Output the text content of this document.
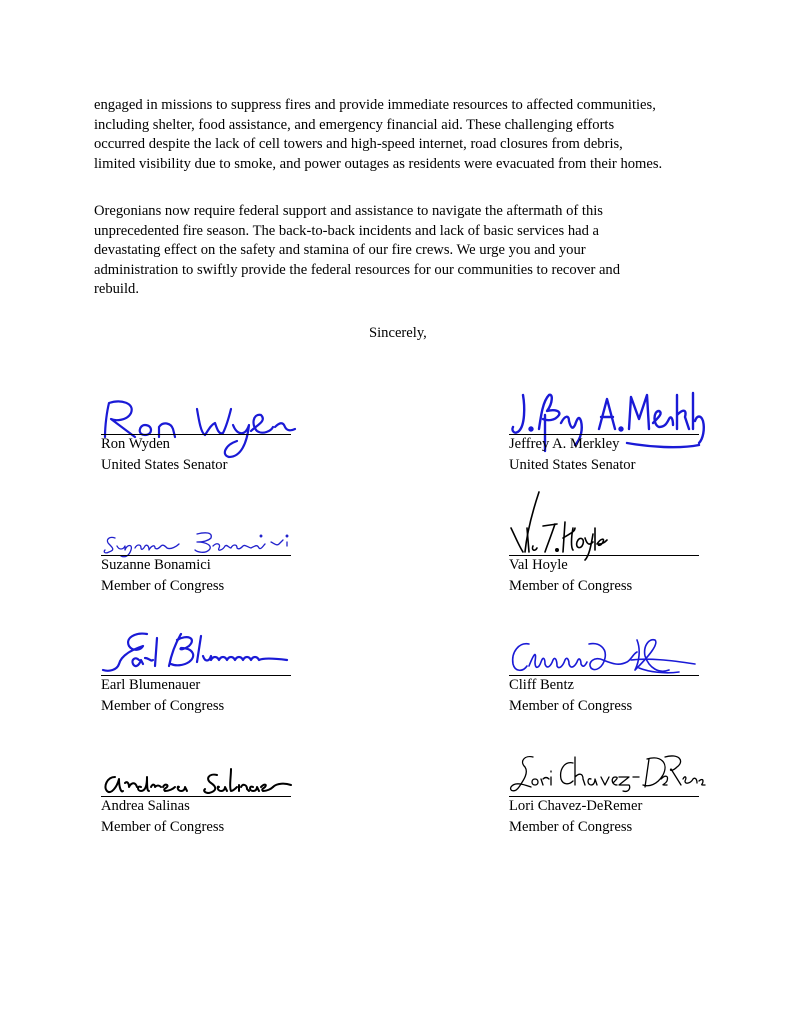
engaged in missions to suppress fires and provide immediate resources to affected communities,
including shelter, food assistance, and emergency financial aid. These challenging efforts
occurred despite the lack of cell towers and high-speed internet, road closures from debris,
limited visibility due to smoke, and power outages as residents were evacuated from their homes.

Oregonians now require federal support and assistance to navigate the aftermath of this
unprecedented fire season. The back-to-back incidents and lack of basic services had a
devastating effect on the safety and stamina of our fire crews. We urge you and your
administration to swiftly provide the federal resources for our communities to recover and
rebuild.

Sincerely,
Ron Wyden
United States Senator
Jeffrey A. Merkley
United States Senator
Suzanne Bonamici
Member of Congress
Val Hoyle
Member of Congress
Earl Blumenauer
Member of Congress
Cliff Bentz
Member of Congress
Andrea Salinas
Member of Congress
Lori Chavez-DeRemer
Member of Congress
